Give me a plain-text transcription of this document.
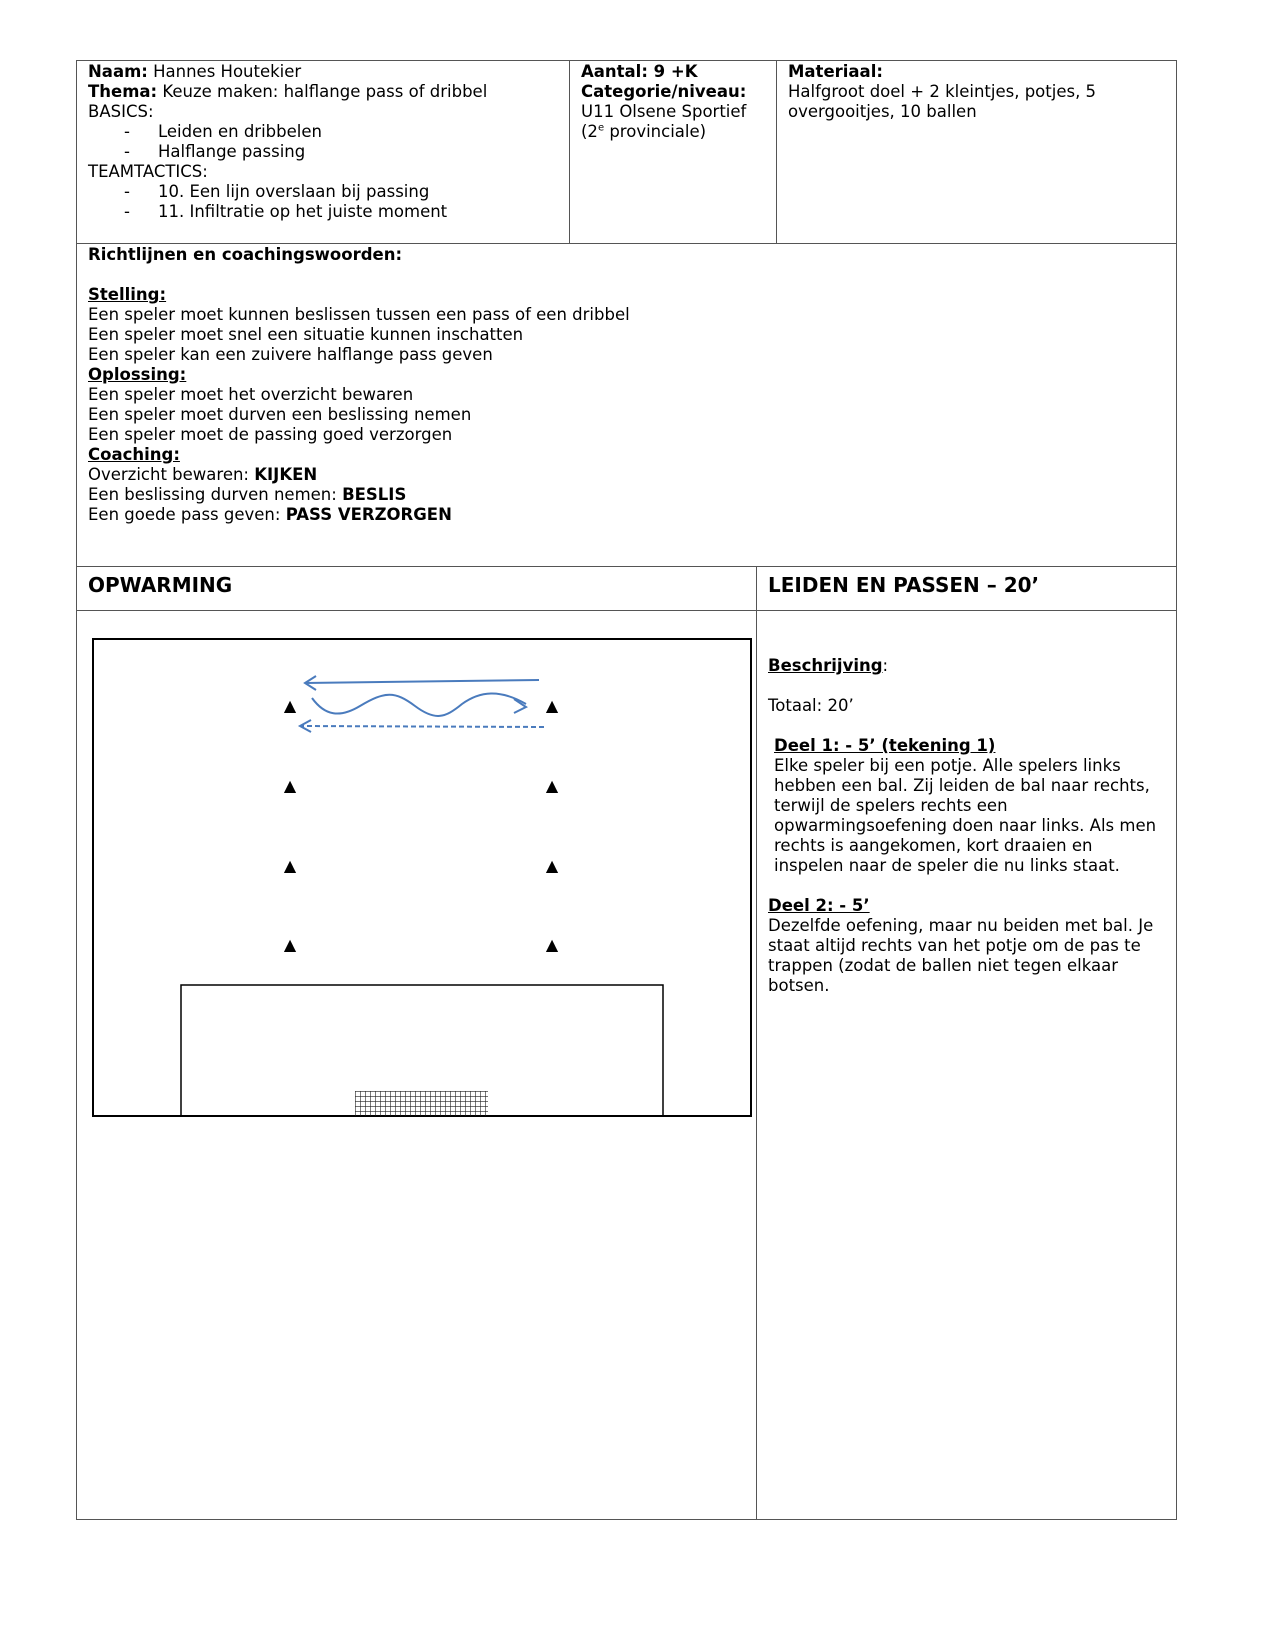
Naam: Hannes Houtekier
Thema: Keuze maken: halflange pass of dribbel
BASICS:
- Leiden en dribbelen
- Halflange passing
TEAMTACTICS:
- 10. Een lijn overslaan bij passing
- 11. Infiltratie op het juiste moment
Aantal: 9 +K
Categorie/niveau:
U11 Olsene Sportief
(2e provinciale)
Materiaal:
Halfgroot doel + 2 kleintjes, potjes, 5
overgooitjes, 10 ballen
Richtlijnen en coachingswoorden:
Stelling:
Een speler moet kunnen beslissen tussen een pass of een dribbel
Een speler moet snel een situatie kunnen inschatten
Een speler kan een zuivere halflange pass geven
Oplossing:
Een speler moet het overzicht bewaren
Een speler moet durven een beslissing nemen
Een speler moet de passing goed verzorgen
Coaching:
Overzicht bewaren: KIJKEN
Een beslissing durven nemen: BESLIS
Een goede pass geven: PASS VERZORGEN
OPWARMING	LEIDEN EN PASSEN – 20’
▲	▲
▲	▲
▲	▲
▲	▲
Beschrijving:
Totaal: 20’
Deel 1: - 5’ (tekening 1)
Elke speler bij een potje. Alle spelers links
hebben een bal. Zij leiden de bal naar rechts,
terwijl de spelers rechts een
opwarmingsoefening doen naar links. Als men
rechts is aangekomen, kort draaien en
inspelen naar de speler die nu links staat.
Deel 2: - 5’
Dezelfde oefening, maar nu beiden met bal. Je
staat altijd rechts van het potje om de pas te
trappen (zodat de ballen niet tegen elkaar
botsen.
